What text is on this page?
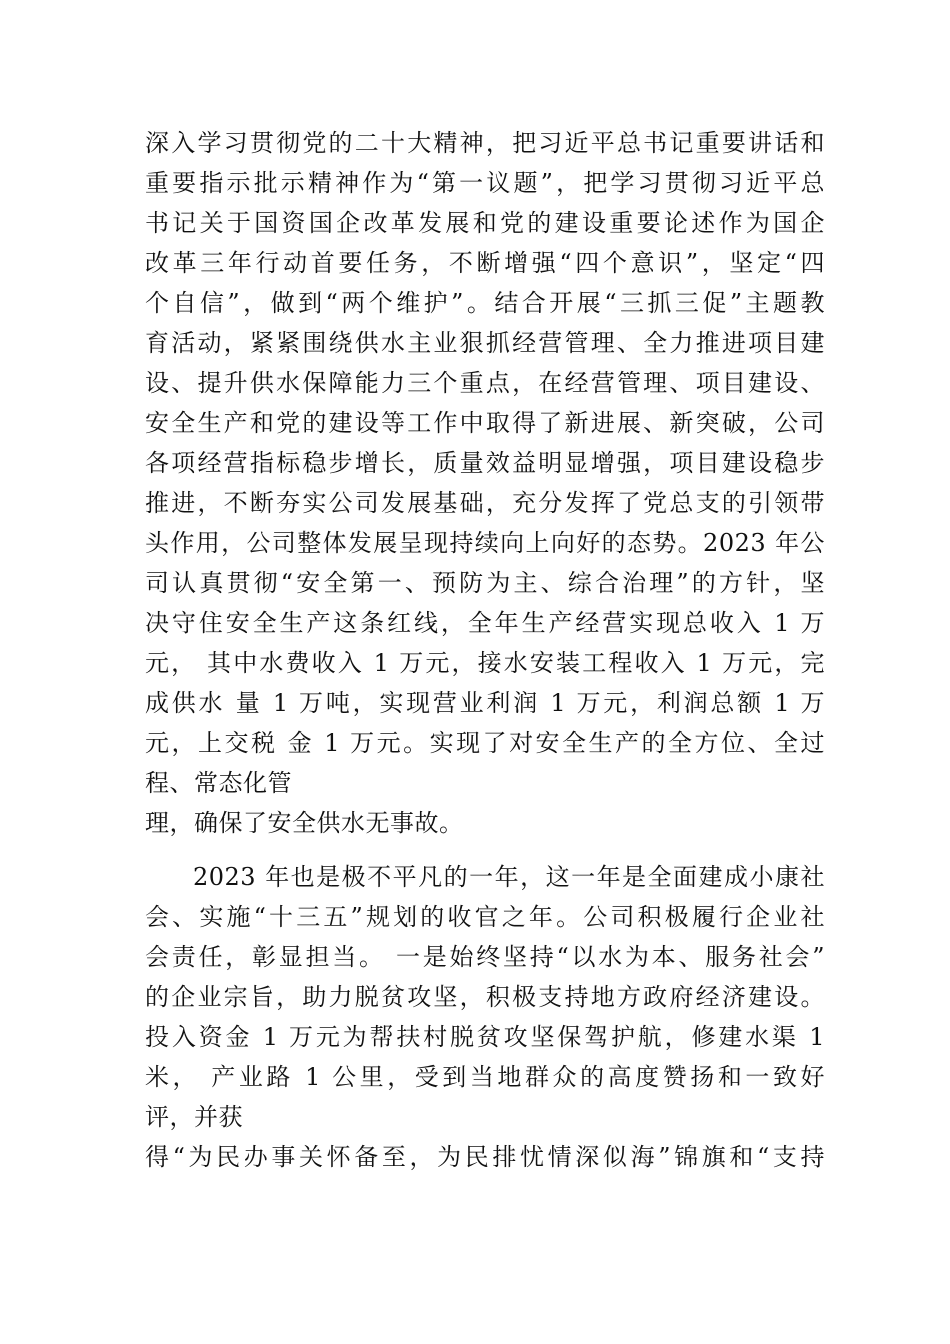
深入学习贯彻党的二十大精神，把习近平总书记重要讲话和
重要指示批示精神作为“第一议题”，把学习贯彻习近平总
书记关于国资国企改革发展和党的建设重要论述作为国企
改革三年行动首要任务，不断增强“四个意识”，坚定“四
个自信”，做到“两个维护”。结合开展“三抓三促”主题教
育活动，紧紧围绕供水主业狠抓经营管理、全力推进项目建
设、提升供水保障能力三个重点，在经营管理、项目建设、
安全生产和党的建设等工作中取得了新进展、新突破，公司
各项经营指标稳步增长，质量效益明显增强，项目建设稳步
推进，不断夯实公司发展基础，充分发挥了党总支的引领带
头作用，公司整体发展呈现持续向上向好的态势。2023 年公
司认真贯彻“安全第一、预防为主、综合治理”的方针，坚
决守住安全生产这条红线，全年生产经营实现总收入 1 万
元， 其中水费收入 1 万元，接水安装工程收入 1 万元，完
成供水 量 1 万吨，实现营业利润 1 万元，利润总额 1 万
元，上交税 金 1 万元。实现了对安全生产的全方位、全过
程、常态化管
理，确保了安全供水无事故。
2023 年也是极不平凡的一年，这一年是全面建成小康社
会、实施“十三五”规划的收官之年。公司积极履行企业社
会责任，彰显担当。 一是始终坚持“以水为本、服务社会”
的企业宗旨，助力脱贫攻坚，积极支持地方政府经济建设。
投入资金 1 万元为帮扶村脱贫攻坚保驾护航，修建水渠 1
米， 产业路 1 公里，受到当地群众的高度赞扬和一致好
评，并获
得“为民办事关怀备至，为民排忧情深似海”锦旗和“支持
